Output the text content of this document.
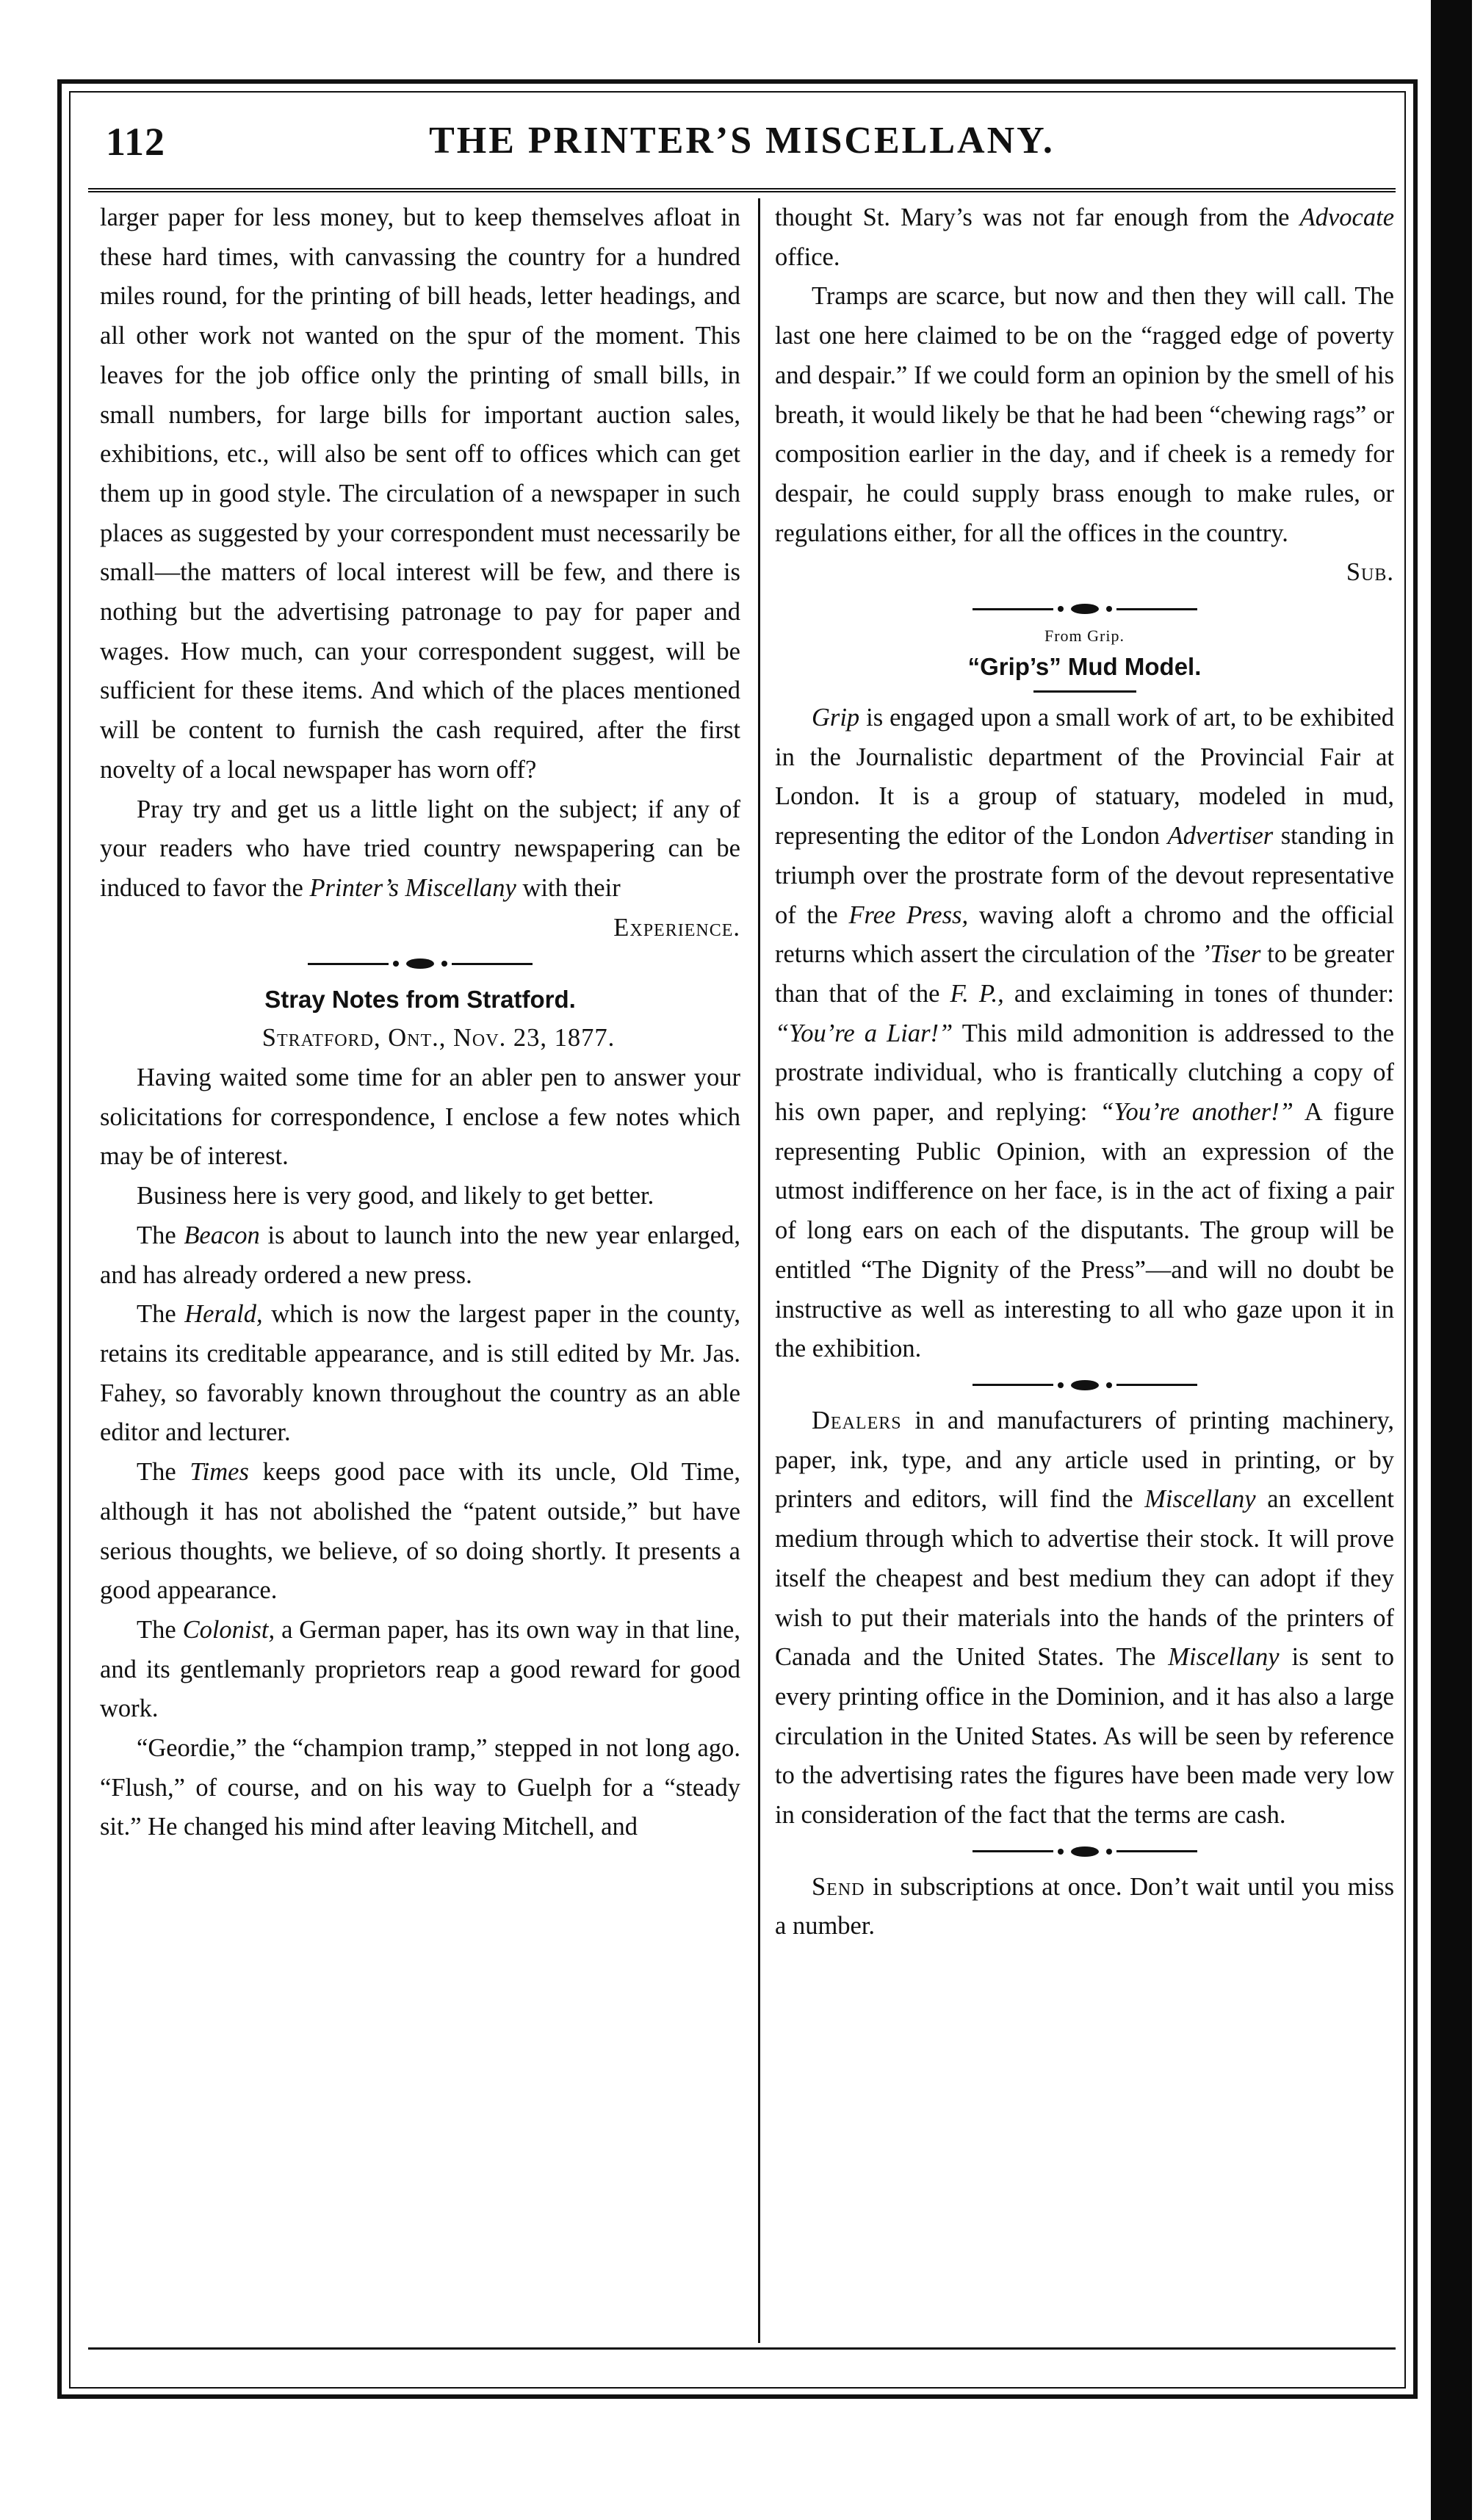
112	THE PRINTER’S MISCELLANY.

larger paper for less money, but to keep themselves afloat in these hard times, with canvassing the country for a hundred miles round, for the printing of bill heads, letter headings, and all other work not wanted on the spur of the moment. This leaves for the job office only the printing of small bills, in small numbers, for large bills for important auction sales, exhibitions, etc., will also be sent off to offices which can get them up in good style. The circulation of a newspaper in such places as suggested by your correspondent must necessarily be small—the matters of local interest will be few, and there is nothing but the advertising patronage to pay for paper and wages. How much, can your correspondent suggest, will be sufficient for these items. And which of the places mentioned will be content to furnish the cash required, after the first novelty of a local newspaper has worn off?

Pray try and get us a little light on the subject; if any of your readers who have tried country newspapering can be induced to favor the Printer’s Miscellany with their

Experience.

Stray Notes from Stratford.

Stratford, Ont., Nov. 23, 1877.

Having waited some time for an abler pen to answer your solicitations for correspondence, I enclose a few notes which may be of interest.

Business here is very good, and likely to get better.

The Beacon is about to launch into the new year enlarged, and has already ordered a new press.

The Herald, which is now the largest paper in the county, retains its creditable appearance, and is still edited by Mr. Jas. Fahey, so favorably known throughout the country as an able editor and lecturer.

The Times keeps good pace with its uncle, Old Time, although it has not abolished the “patent outside,” but have serious thoughts, we believe, of so doing shortly. It presents a good appearance.

The Colonist, a German paper, has its own way in that line, and its gentlemanly proprietors reap a good reward for good work.

“Geordie,” the “champion tramp,” stepped in not long ago. “Flush,” of course, and on his way to Guelph for a “steady sit.” He changed his mind after leaving Mitchell, and

thought St. Mary’s was not far enough from the Advocate office.

Tramps are scarce, but now and then they will call. The last one here claimed to be on the “ragged edge of poverty and despair.” If we could form an opinion by the smell of his breath, it would likely be that he had been “chewing rags” or composition earlier in the day, and if cheek is a remedy for despair, he could supply brass enough to make rules, or regulations either, for all the offices in the country.

Sub.

From Grip.
“Grip’s” Mud Model.

Grip is engaged upon a small work of art, to be exhibited in the Journalistic department of the Provincial Fair at London. It is a group of statuary, modeled in mud, representing the editor of the London Advertiser standing in triumph over the prostrate form of the devout representative of the Free Press, waving aloft a chromo and the official returns which assert the circulation of the ’Tiser to be greater than that of the F. P., and exclaiming in tones of thunder: “You’re a Liar!” This mild admonition is addressed to the prostrate individual, who is frantically clutching a copy of his own paper, and replying: “You’re another!” A figure representing Public Opinion, with an expression of the utmost indifference on her face, is in the act of fixing a pair of long ears on each of the disputants. The group will be entitled “The Dignity of the Press”—and will no doubt be instructive as well as interesting to all who gaze upon it in the exhibition.

Dealers in and manufacturers of printing machinery, paper, ink, type, and any article used in printing, or by printers and editors, will find the Miscellany an excellent medium through which to advertise their stock. It will prove itself the cheapest and best medium they can adopt if they wish to put their materials into the hands of the printers of Canada and the United States. The Miscellany is sent to every printing office in the Dominion, and it has also a large circulation in the United States. As will be seen by reference to the advertising rates the figures have been made very low in consideration of the fact that the terms are cash.

Send in subscriptions at once. Don’t wait until you miss a number.
